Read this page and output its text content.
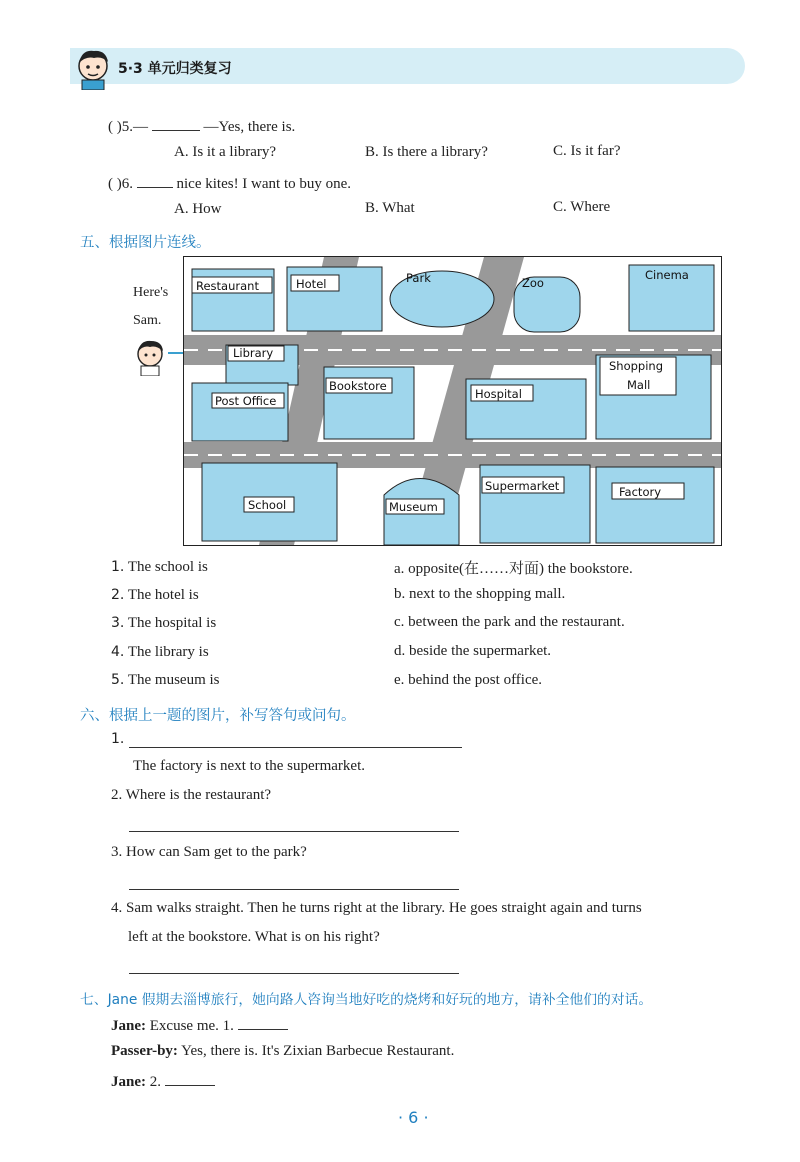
5·3 单元归类复习
( )5.—	—Yes, there is.
A. Is it a library?	B. Is there a library?	C. Is it far?
( )6.	nice kites! I want to buy one.
A. How	B. What	C. Where
五、根据图片连线。
Here's
Sam.
Restaurant	Hotel	Park	Zoo
Cinema
Library
Post Office
Bookstore
Hospital
Shopping
Mall
School	Museum
Supermarket	Factory
1. The school is
2. The hotel is
3. The hospital is
4. The library is
5. The museum is
a. opposite(在……对面) the bookstore.
b. next to the shopping mall.
c. between the park and the restaurant.
d. beside the supermarket.
e. behind the post office.
六、根据上一题的图片，补写答句或问句。
1.
The factory is next to the supermarket.
2. Where is the restaurant?
3. How can Sam get to the park?
4. Sam walks straight. Then he turns right at the library. He goes straight again and turns
left at the bookstore. What is on his right?
七、Jane 假期去淄博旅行，她向路人咨询当地好吃的烧烤和好玩的地方，请补全他们的对话。
Jane: Excuse me. 1.
Passer-by: Yes, there is. It's Zixian Barbecue Restaurant.
Jane: 2.
· 6 ·
